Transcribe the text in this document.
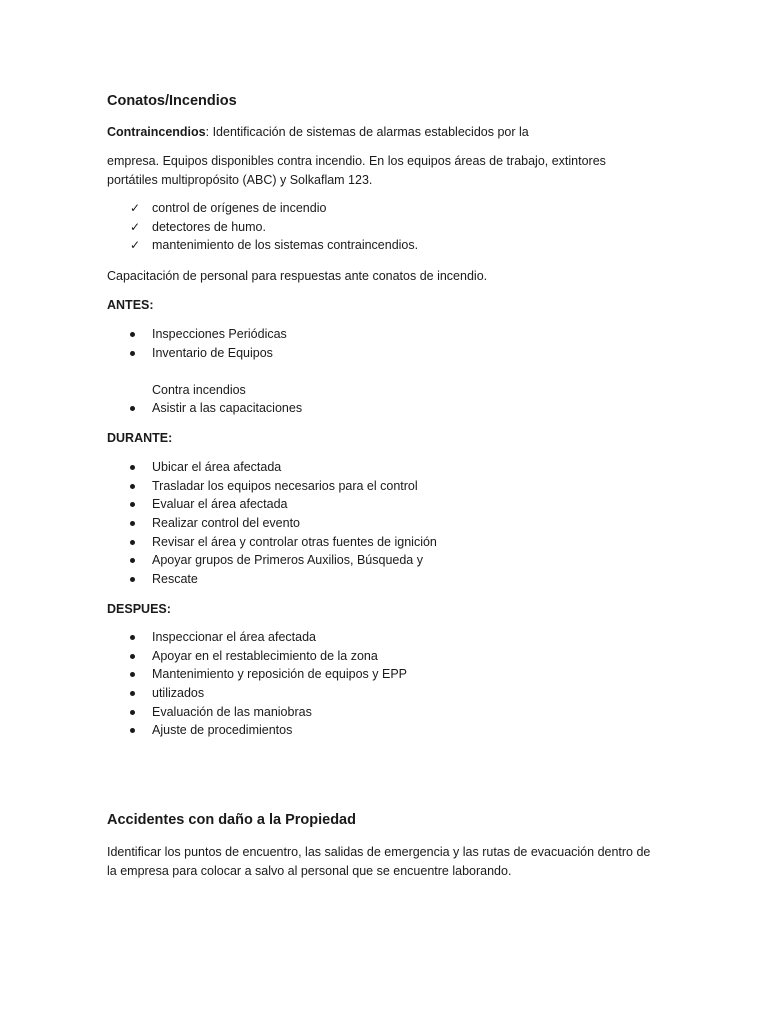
Conatos/Incendios
Contraincendios: Identificación de sistemas de alarmas establecidos por la
empresa. Equipos disponibles contra incendio. En los equipos áreas de trabajo, extintores
portátiles multipropósito (ABC) y Solkaflam 123.
✓ control de orígenes de incendio
✓ detectores de humo.
✓ mantenimiento de los sistemas contraincendios.
Capacitación de personal para respuestas ante conatos de incendio.
ANTES:
Inspecciones Periódicas
Inventario de Equipos
Contra incendios
Asistir a las capacitaciones
DURANTE:
Ubicar el área afectada
Trasladar los equipos necesarios para el control
Evaluar el área afectada
Realizar control del evento
Revisar el área y controlar otras fuentes de ignición
Apoyar grupos de Primeros Auxilios, Búsqueda y
Rescate
DESPUES:
Inspeccionar el área afectada
Apoyar en el restablecimiento de la zona
Mantenimiento y reposición de equipos y EPP
utilizados
Evaluación de las maniobras
Ajuste de procedimientos
Accidentes con daño a la Propiedad
Identificar los puntos de encuentro, las salidas de emergencia y las rutas de evacuación dentro de
la empresa para colocar a salvo al personal que se encuentre laborando.
